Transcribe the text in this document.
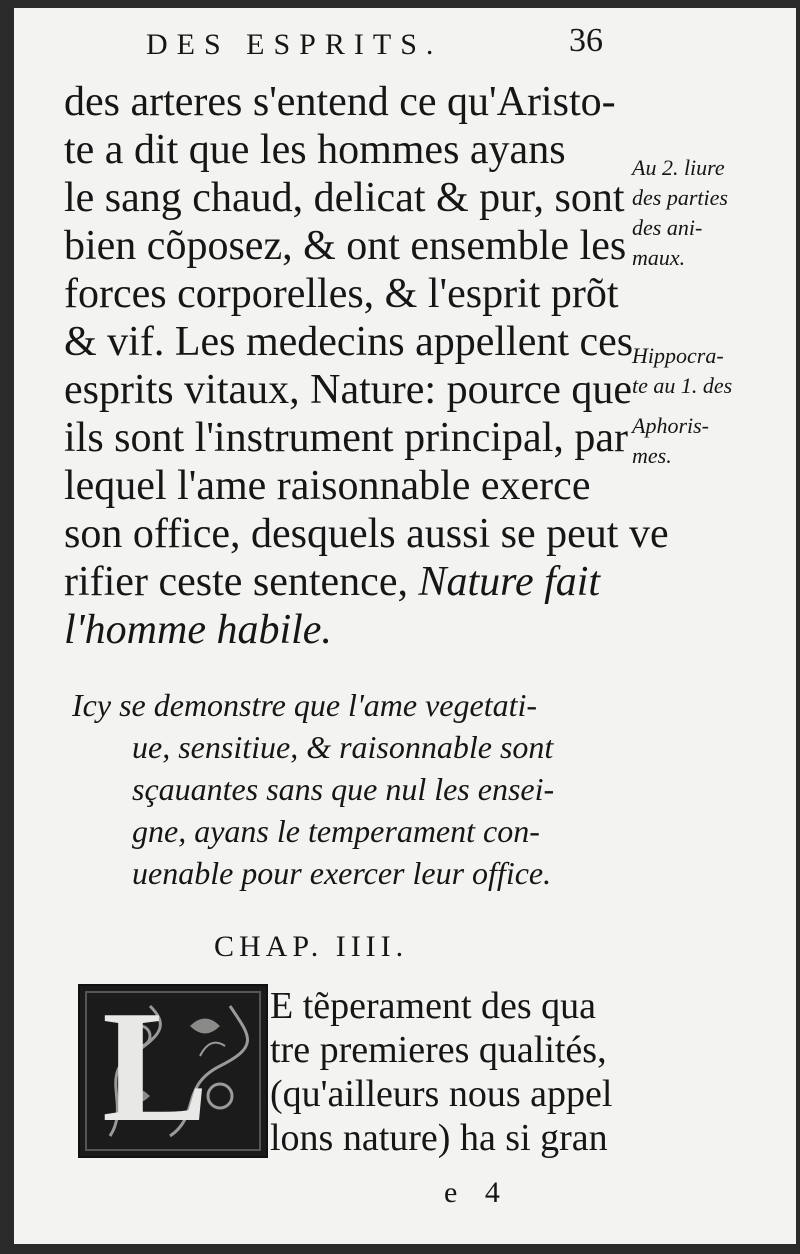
DES ESPRITS.	36
des arteres s'entend ce qu'Aristo-
te a dit que les hommes ayans
le sang chaud, delicat & pur, sont
bien cõposez, & ont ensemble les
forces corporelles, & l'esprit prõt
& vif. Les medecins appellent ces
esprits vitaux, Nature: pource que
ils sont l'instrument principal, par
lequel l'ame raisonnable exerce
son office, desquels aussi se peut ve
rifier ceste sentence, Nature fait
l'homme habile.
Au 2. liure
des parties
des ani-
maux.
Hippocra-
te au 1. des
Aphoris-
mes.
Icy se demonstre que l'ame vegetati-
ue, sensitiue, & raisonnable sont
sçauantes sans que nul les ensei-
gne, ayans le temperament con-
uenable pour exercer leur office.
CHAP. IIII.
L E tẽperament des qua
tre premieres qualités,
(qu'ailleurs nous appel
lons nature) ha si gran
e 4
